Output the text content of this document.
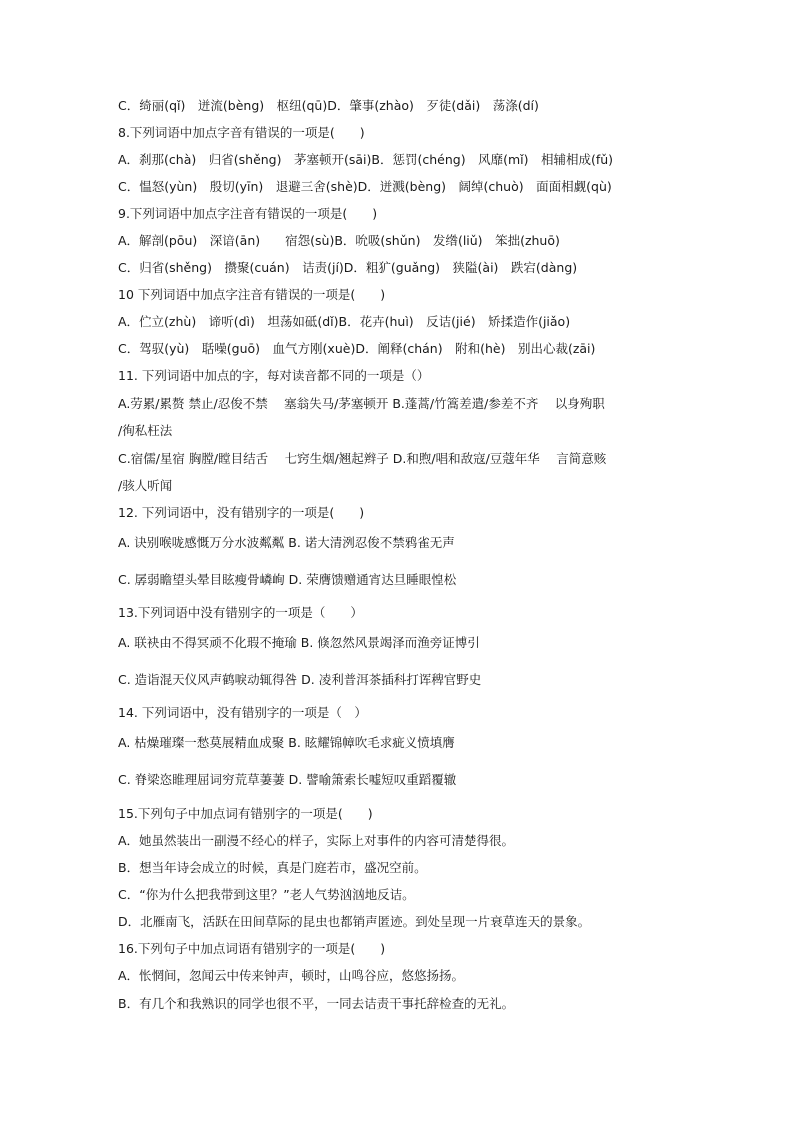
C．绮丽(qǐ)　迸流(bèng)　枢纽(qū)D．肇事(zhào)　歹徒(dǎi)　荡涤(dí)
8.下列词语中加点字音有错误的一项是(　　)
A．刹那(chà)　归省(shěng)　茅塞顿开(sāi)B．惩罚(chéng)　风靡(mǐ)　相辅相成(fǔ)
C．愠怒(yùn)　殷切(yīn)　退避三舍(shè)D．迸溅(bèng)　阔绰(chuò)　面面相觑(qù)
9.下列词语中加点字注音有错误的一项是(　　)
A．解剖(pōu)　深谙(ān)　　宿怨(sù)B．吮吸(shǔn)　发绺(liǔ)　笨拙(zhuō)
C．归省(shěng)　攒聚(cuán)　诘责(jí)D．粗犷(guǎng)　狭隘(ài)　跌宕(dàng)
10 下列词语中加点字注音有错误的一项是(　　)
A．伫立(zhù)　谛听(dì)　坦荡如砥(dǐ)B．花卉(huì)　反诘(jié)　矫揉造作(jiǎo)
C．驾驭(yù)　聒噪(guō)　血气方刚(xuè)D．阐释(chán)　附和(hè)　别出心裁(zāi)
11. 下列词语中加点的字，每对读音都不同的一项是（）
A.劳累/累赘 禁止/忍俊不禁　 塞翁失马/茅塞顿开 B.蓬蒿/竹篙差遣/参差不齐　 以身殉职
/徇私枉法
C.宿儒/星宿 胸膛/瞠目结舌　 七窍生烟/翘起辫子 D.和煦/唱和敌寇/豆蔻年华　 言简意赅
/骇人听闻
12. 下列词语中，没有错别字的一项是(　　)
A. 诀别喉咙感慨万分水波粼粼 B. 诺大清洌忍俊不禁鸦雀无声
C. 孱弱瞻望头晕目眩瘦骨嶙峋 D. 荣膺馈赠通宵达旦睡眼惶松
13.下列词语中没有错别字的一项是（　　）
A. 联袂由不得冥顽不化瑕不掩瑜 B. 倏忽然风景竭泽而渔旁证博引
C. 造诣混天仪风声鹤唳动辄得咎 D. 凌利普洱茶插科打诨稗官野史
14. 下列词语中，没有错别字的一项是（　）
A. 枯燥璀璨一愁莫展精血成聚 B. 眩耀锦幛吹毛求疵义愤填膺
C. 脊梁恣睢理屈词穷荒草萋萋 D. 譬喻箫索长嘘短叹重蹈覆辙
15.下列句子中加点词有错别字的一项是(　　)
A．她虽然装出一副漫不经心的样子，实际上对事件的内容可清楚得很。
B．想当年诗会成立的时候，真是门庭若市，盛况空前。
C．“你为什么把我带到这里？”老人气势汹汹地反诘。
D．北雁南飞，活跃在田间草际的昆虫也都销声匿迹。到处呈现一片衰草连天的景象。
16.下列句子中加点词语有错别字的一项是(　　)
A．怅惘间，忽闻云中传来钟声，顿时，山鸣谷应，悠悠扬扬。
B．有几个和我熟识的同学也很不平，一同去诘责干事托辞检查的无礼。
